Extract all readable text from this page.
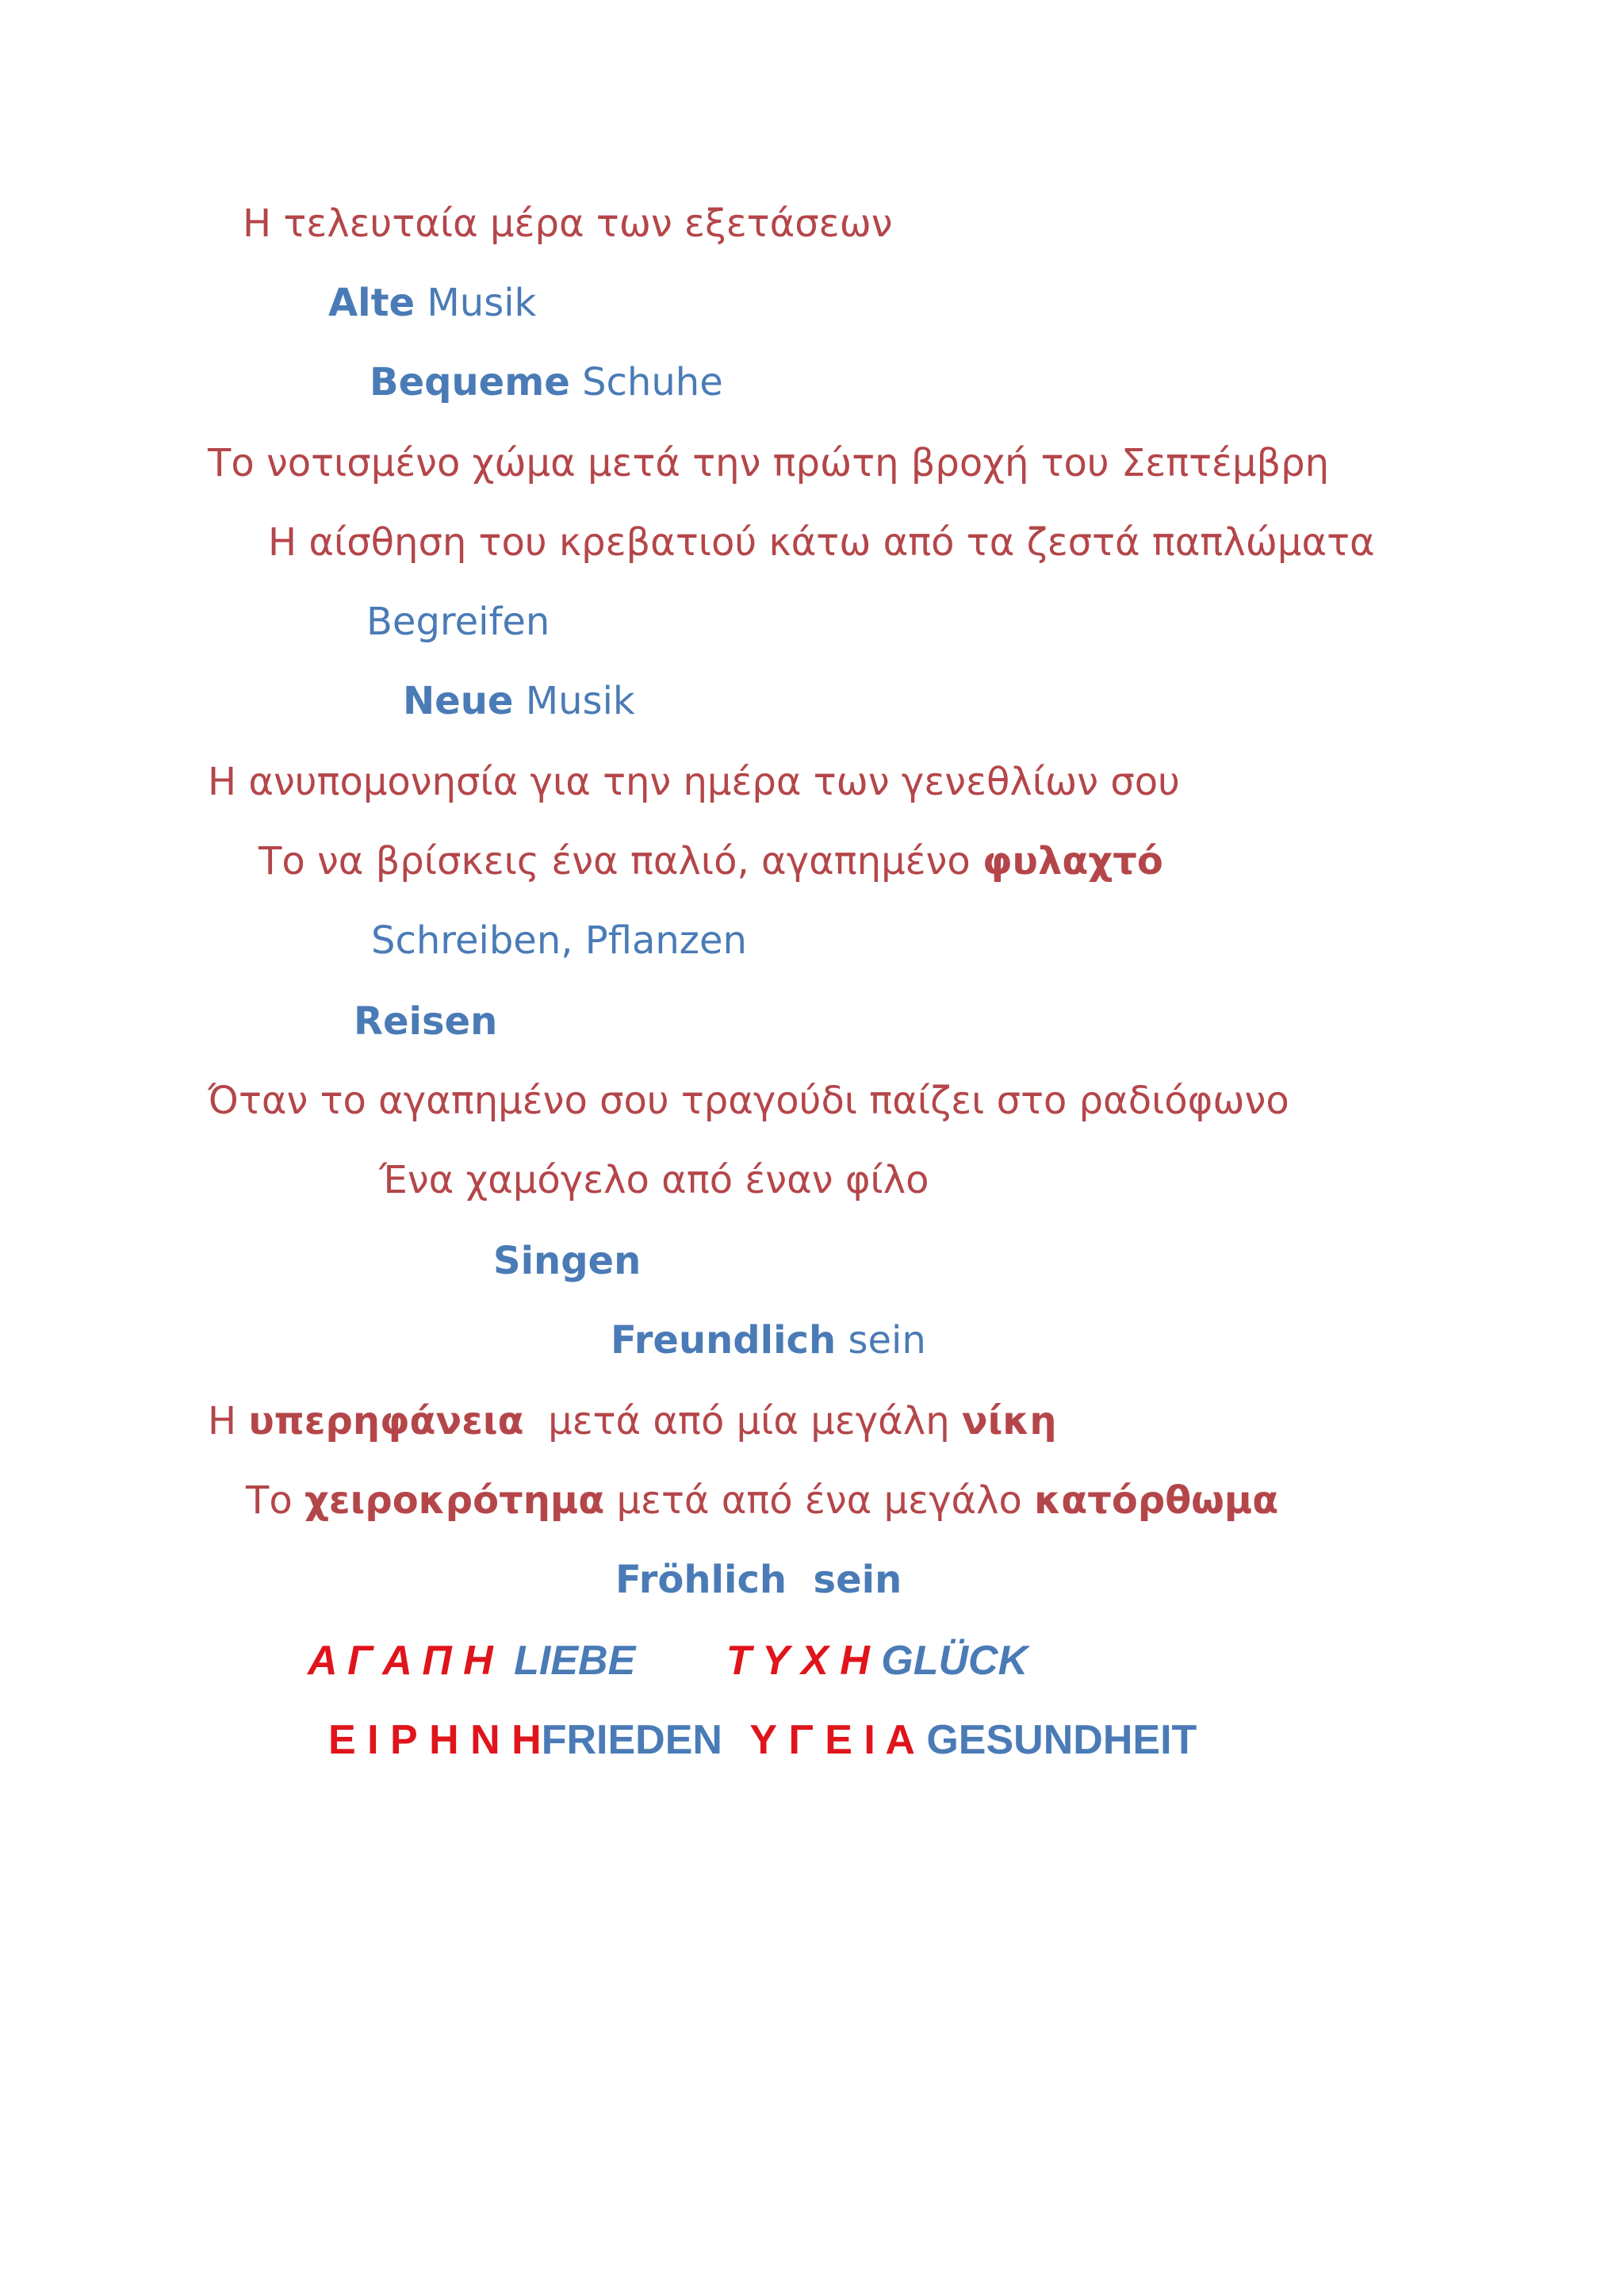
Η τελευταία μέρα των εξετάσεων
Alte Musik
Bequeme Schuhe
Το νοτισμένο χώμα μετά την πρώτη βροχή του Σεπτέμβρη
Η αίσθηση του κρεβατιού κάτω από τα ζεστά παπλώματα
Begreifen
Neue Musik
Η ανυπομονησία για την ημέρα των γενεθλίων σου
Το να βρίσκεις ένα παλιό, αγαπημένο φυλαχτό
Schreiben, Pflanzen
Reisen
Όταν το αγαπημένο σου τραγούδι παίζει στο ραδιόφωνο
Ένα χαμόγελο από έναν φίλο
Singen
Freundlich sein
Η υπερηφάνεια  μετά από μία μεγάλη νίκη
Το χειροκρότημα μετά από ένα μεγάλο κατόρθωμα
Fröhlich  sein
Α Γ Α Π Η LIEBE Τ Υ Χ Η GLÜCK
Ε Ι Ρ Η Ν ΗFRIEDEN Υ Γ Ε Ι Α GESUNDHEIT
